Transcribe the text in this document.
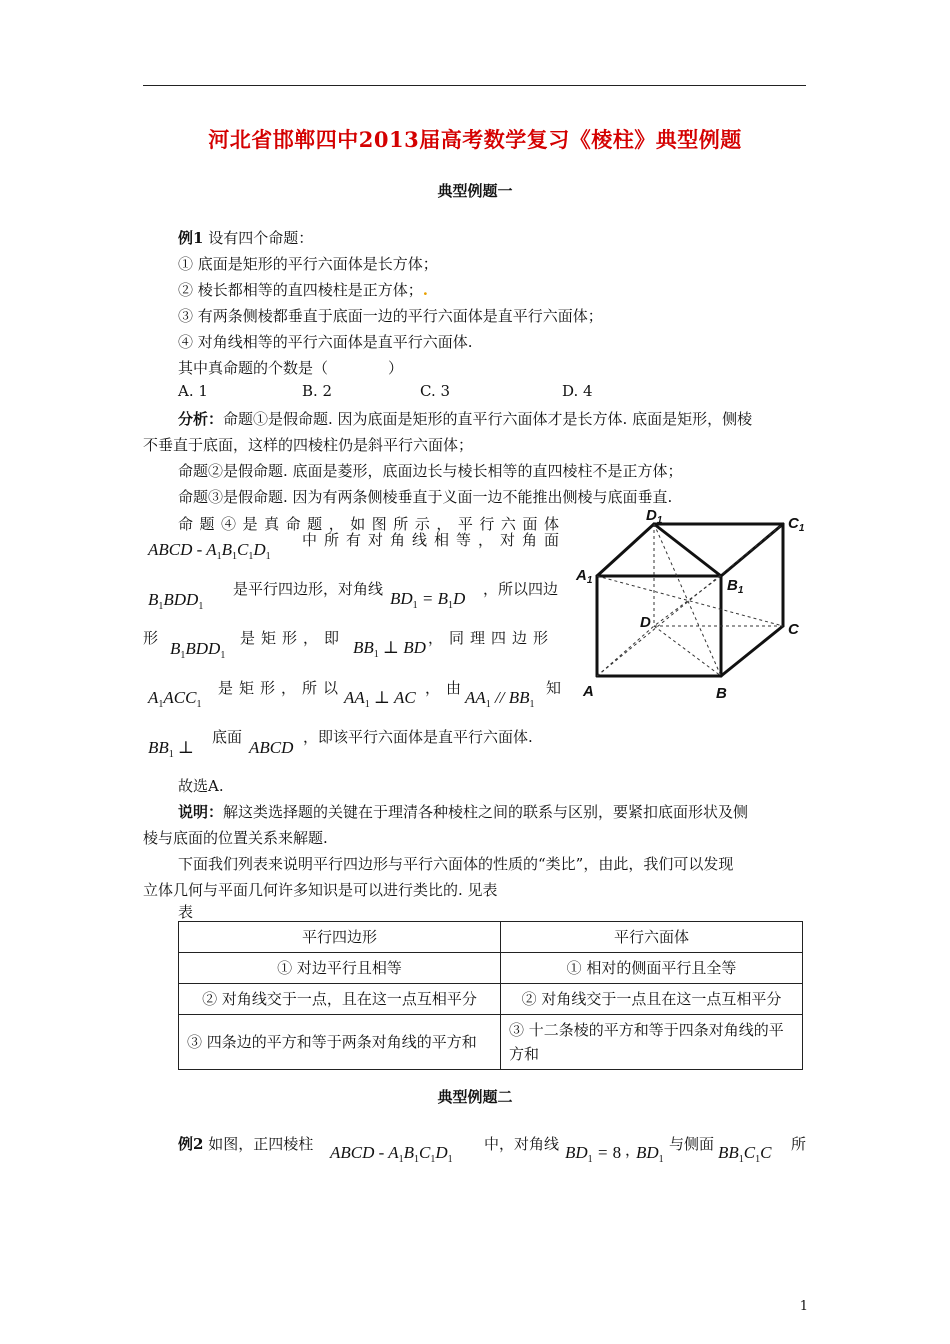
河北省邯郸四中2013届高考数学复习《棱柱》典型例题
典型例题一
例1 设有四个命题：
① 底面是矩形的平行六面体是长方体；
② 棱长都相等的直四棱柱是正方体；.
③ 有两条侧棱都垂直于底面一边的平行六面体是直平行六面体；
④ 对角线相等的平行六面体是直平行六面体.
其中真命题的个数是（　　　　）
A. 1	B. 2	C. 3	D. 4
分析：命题①是假命题. 因为底面是矩形的直平行六面体才是长方体. 底面是矩形，侧棱
不垂直于底面，这样的四棱柱仍是斜平行六面体；
命题②是假命题. 底面是菱形，底面边长与棱长相等的直四棱柱不是正方体；
命题③是假命题. 因为有两条侧棱垂直于义面一边不能推出侧棱与底面垂直.
命题④是真命题，如图所示，平行六面体
ABCD - $A_1B_1C_1D_1$
中所有对角线相等，对角面
$B_1BDD_1$
是平行四边形，对角线 $BD_1 = B_1D$ ，所以四边
形
$B_1BDD_1$
是矩形，即 $BB_1$ ⊥ BD ，同理四边形
$A_1ACC_1$
是矩形，所以 $AA_1$ ⊥ AC ，由
$AA_1 // BB_1$
知
$BB_1$ ⊥
底面
ABCD
，即该平行六面体是直平行六面体.
$D_1$	$C_1$
$A_1$	$B_1$
D	C
A	B
故选A.
说明：解这类选择题的关键在于理清各种棱柱之间的联系与区别，要紧扣底面形状及侧
棱与底面的位置关系来解题.
下面我们列表来说明平行四边形与平行六面体的性质的“类比”，由此，我们可以发现
立体几何与平面几何许多知识是可以进行类比的. 见表
表
平行四边形	平行六面体
① 对边平行且相等	① 相对的侧面平行且全等
② 对角线交于一点，且在这一点互相平分	② 对角线交于一点且在这一点互相平分
③ 四条边的平方和等于两条对角线的平方和	③ 十二条棱的平方和等于四条对角线的平方和
典型例题二
例2 如图，正四棱柱 ABCD - $A_1B_1C_1D_1$
中，对角线 $BD_1 = 8$ ，
$BD_1$
与侧面 $BB_1C_1C$ 所
1
